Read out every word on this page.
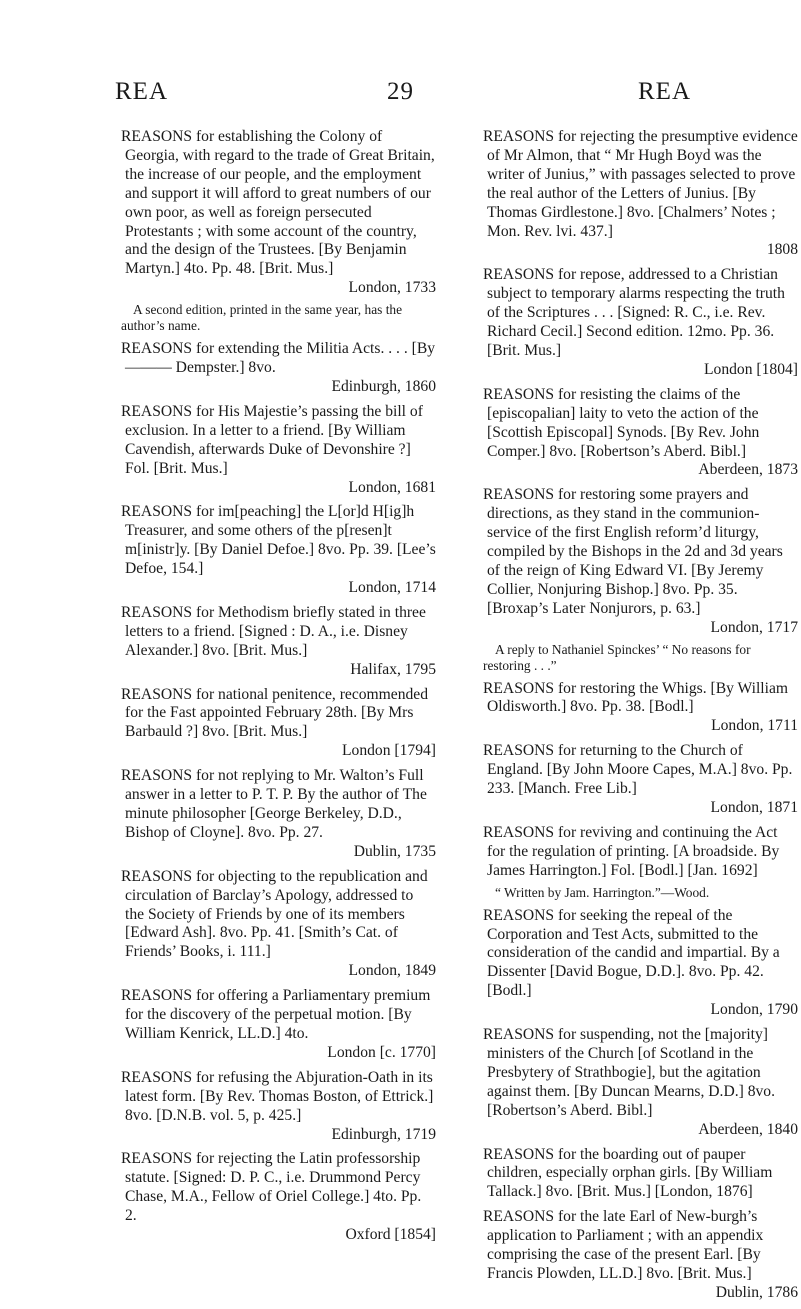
REA	29	REA
REASONS for establishing the Colony of Georgia, with regard to the trade of Great Britain, the increase of our people, and the employment and support it will afford to great numbers of our own poor, as well as foreign persecuted Protestants ; with some account of the country, and the design of the Trustees. [By Benjamin Martyn.] 4to. Pp. 48. [Brit. Mus.]
London, 1733
A second edition, printed in the same year, has the author’s name.
REASONS for extending the Militia Acts. . . . [By ——— Dempster.] 8vo.
Edinburgh, 1860
REASONS for His Majestie’s passing the bill of exclusion. In a letter to a friend. [By William Cavendish, afterwards Duke of Devonshire ?] Fol. [Brit. Mus.]
London, 1681
REASONS for im[peaching] the L[or]d H[ig]h Treasurer, and some others of the p[resen]t m[inistr]y. [By Daniel Defoe.] 8vo. Pp. 39. [Lee’s Defoe, 154.]
London, 1714
REASONS for Methodism briefly stated in three letters to a friend. [Signed : D. A., i.e. Disney Alexander.] 8vo. [Brit. Mus.]
Halifax, 1795
REASONS for national penitence, recommended for the Fast appointed February 28th. [By Mrs Barbauld ?] 8vo. [Brit. Mus.]
London [1794]
REASONS for not replying to Mr. Walton’s Full answer in a letter to P. T. P. By the author of The minute philosopher [George Berkeley, D.D., Bishop of Cloyne]. 8vo. Pp. 27.
Dublin, 1735
REASONS for objecting to the republication and circulation of Barclay’s Apology, addressed to the Society of Friends by one of its members [Edward Ash]. 8vo. Pp. 41. [Smith’s Cat. of Friends’ Books, i. 111.]
London, 1849
REASONS for offering a Parliamentary premium for the discovery of the perpetual motion. [By William Kenrick, LL.D.] 4to.
London [c. 1770]
REASONS for refusing the Abjuration-Oath in its latest form. [By Rev. Thomas Boston, of Ettrick.] 8vo. [D.N.B. vol. 5, p. 425.]
Edinburgh, 1719
REASONS for rejecting the Latin professorship statute. [Signed: D. P. C., i.e. Drummond Percy Chase, M.A., Fellow of Oriel College.] 4to. Pp. 2.
Oxford [1854]
REASONS for rejecting the presumptive evidence of Mr Almon, that “ Mr Hugh Boyd was the writer of Junius,” with passages selected to prove the real author of the Letters of Junius. [By Thomas Girdlestone.] 8vo. [Chalmers’ Notes ; Mon. Rev. lvi. 437.]
1808
REASONS for repose, addressed to a Christian subject to temporary alarms respecting the truth of the Scriptures . . . [Signed: R. C., i.e. Rev. Richard Cecil.] Second edition. 12mo. Pp. 36. [Brit. Mus.]
London [1804]
REASONS for resisting the claims of the [episcopalian] laity to veto the action of the [Scottish Episcopal] Synods. [By Rev. John Comper.] 8vo. [Robertson’s Aberd. Bibl.]
Aberdeen, 1873
REASONS for restoring some prayers and directions, as they stand in the communion-service of the first English reform’d liturgy, compiled by the Bishops in the 2d and 3d years of the reign of King Edward VI. [By Jeremy Collier, Nonjuring Bishop.] 8vo. Pp. 35. [Broxap’s Later Nonjurors, p. 63.]
London, 1717
A reply to Nathaniel Spinckes’ “ No reasons for restoring . . .”
REASONS for restoring the Whigs. [By William Oldisworth.] 8vo. Pp. 38. [Bodl.]
London, 1711
REASONS for returning to the Church of England. [By John Moore Capes, M.A.] 8vo. Pp. 233. [Manch. Free Lib.]
London, 1871
REASONS for reviving and continuing the Act for the regulation of printing. [A broadside. By James Harrington.] Fol. [Bodl.] [Jan. 1692]
“ Written by Jam. Harrington.”—Wood.
REASONS for seeking the repeal of the Corporation and Test Acts, submitted to the consideration of the candid and impartial. By a Dissenter [David Bogue, D.D.]. 8vo. Pp. 42. [Bodl.]
London, 1790
REASONS for suspending, not the [majority] ministers of the Church [of Scotland in the Presbytery of Strathbogie], but the agitation against them. [By Duncan Mearns, D.D.] 8vo. [Robertson’s Aberd. Bibl.]
Aberdeen, 1840
REASONS for the boarding out of pauper children, especially orphan girls. [By William Tallack.] 8vo. [Brit. Mus.] [London, 1876]
REASONS for the late Earl of New-burgh’s application to Parliament ; with an appendix comprising the case of the present Earl. [By Francis Plowden, LL.D.] 8vo. [Brit. Mus.]
Dublin, 1786
